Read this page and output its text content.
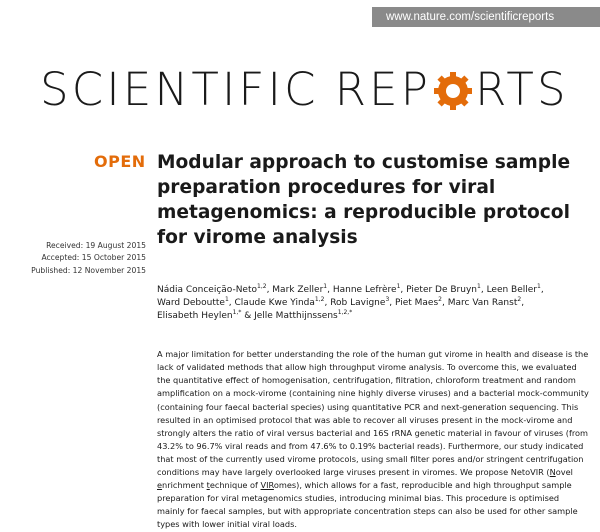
www.nature.com/scientificreports
SCIENTIFIC REP RTS
OPEN Modular approach to customise sample preparation procedures for viral metagenomics: a reproducible protocol for virome analysis
Received: 19 August 2015
Accepted: 15 October 2015
Published: 12 November 2015
Nádia Conceição-Neto$^{1,2}$, Mark Zeller$^1$, Hanne Lefrère$^1$, Pieter De Bruyn$^1$, Leen Beller$^1$,
Ward Deboutte$^1$, Claude Kwe Yinda$^{1,2}$, Rob Lavigne$^3$, Piet Maes$^2$, Marc Van Ranst$^2$,
Elisabeth Heylen$^{1,*}$ & Jelle Matthijnssens$^{1,2,*}$

A major limitation for better understanding the role of the human gut virome in health and disease is the lack of validated methods that allow high throughput virome analysis. To overcome this, we evaluated the quantitative effect of homogenisation, centrifugation, filtration, chloroform treatment and random amplification on a mock-virome (containing nine highly diverse viruses) and a bacterial mock-community (containing four faecal bacterial species) using quantitative PCR and next-generation sequencing. This resulted in an optimised protocol that was able to recover all viruses present in the mock-virome and strongly alters the ratio of viral versus bacterial and 16S rRNA genetic material in favour of viruses (from 43.2% to 96.7% viral reads and from 47.6% to 0.19% bacterial reads). Furthermore, our study indicated that most of the currently used virome protocols, using small filter pores and/or stringent centrifugation conditions may have largely overlooked large viruses present in viromes. We propose NetoVIR (Novel enrichment technique of VIRomes), which allows for a fast, reproducible and high throughput sample preparation for viral metagenomics studies, introducing minimal bias. This procedure is optimised mainly for faecal samples, but with appropriate concentration steps can also be used for other sample types with lower initial viral loads.
